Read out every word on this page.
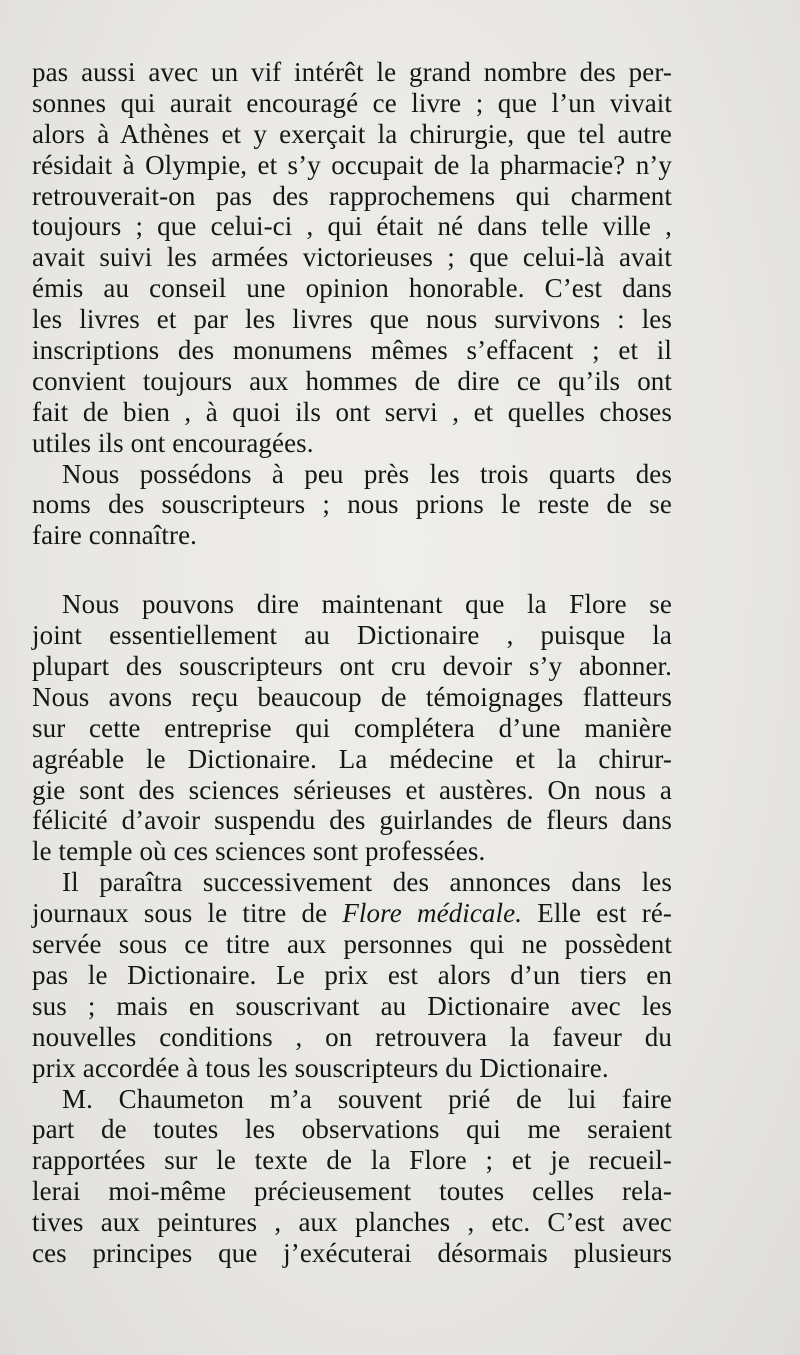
pas aussi avec un vif intérêt le grand nombre des per-
sonnes qui aurait encouragé ce livre ; que l’un vivait
alors à Athènes et y exerçait la chirurgie, que tel autre
résidait à Olympie, et s’y occupait de la pharmacie? n’y
retrouverait-on pas des rapprochemens qui charment
toujours ; que celui-ci , qui était né dans telle ville ,
avait suivi les armées victorieuses ; que celui-là avait
émis au conseil une opinion honorable. C’est dans
les livres et par les livres que nous survivons : les
inscriptions des monumens mêmes s’effacent ; et il
convient toujours aux hommes de dire ce qu’ils ont
fait de bien , à quoi ils ont servi , et quelles choses
utiles ils ont encouragées.
Nous possédons à peu près les trois quarts des
noms des souscripteurs ; nous prions le reste de se
faire connaître.
Nous pouvons dire maintenant que la Flore se
joint essentiellement au Dictionaire , puisque la
plupart des souscripteurs ont cru devoir s’y abonner.
Nous avons reçu beaucoup de témoignages flatteurs
sur cette entreprise qui complétera d’une manière
agréable le Dictionaire. La médecine et la chirur-
gie sont des sciences sérieuses et austères. On nous a
félicité d’avoir suspendu des guirlandes de fleurs dans
le temple où ces sciences sont professées.
Il paraîtra successivement des annonces dans les
journaux sous le titre de Flore médicale. Elle est ré-
servée sous ce titre aux personnes qui ne possèdent
pas le Dictionaire. Le prix est alors d’un tiers en
sus ; mais en souscrivant au Dictionaire avec les
nouvelles conditions , on retrouvera la faveur du
prix accordée à tous les souscripteurs du Dictionaire.
M. Chaumeton m’a souvent prié de lui faire
part de toutes les observations qui me seraient
rapportées sur le texte de la Flore ; et je recueil-
lerai moi-même précieusement toutes celles rela-
tives aux peintures , aux planches , etc. C’est avec
ces principes que j’exécuterai désormais plusieurs
